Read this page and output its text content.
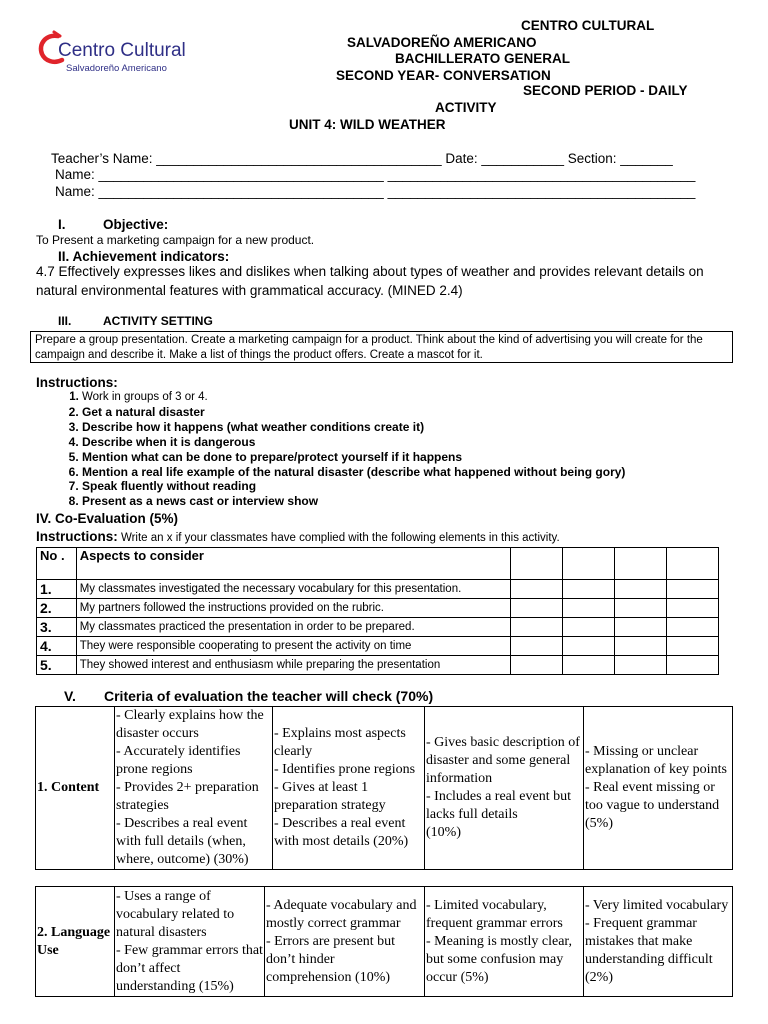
Centro Cultural
Salvadoreño Americano
CENTRO CULTURAL
SALVADOREÑO AMERICANO
BACHILLERATO GENERAL
SECOND YEAR- CONVERSATION
SECOND PERIOD - DAILY
ACTIVITY
UNIT 4: WILD WEATHER
Teacher’s Name: ______________________________________ Date: ___________ Section: _______
Name: ______________________________________ _________________________________________
Name: ______________________________________ _________________________________________
I.	Objective:
To Present a marketing campaign for a new product.
II. Achievement indicators:
4.7 Effectively expresses likes and dislikes when talking about types of weather and provides relevant details on
natural environmental features with grammatical accuracy. (MINED 2.4)
III.	ACTIVITY SETTING
Prepare a group presentation. Create a marketing campaign for a product. Think about the kind of advertising you will create for the campaign and describe it. Make a list of things the product offers. Create a mascot for it.
Instructions:
1. Work in groups of 3 or 4.
2. Get a natural disaster
3. Describe how it happens (what weather conditions create it)
4. Describe when it is dangerous
5. Mention what can be done to prepare/protect yourself if it happens
6. Mention a real life example of the natural disaster (describe what happened without being gory)
7. Speak fluently without reading
8. Present as a news cast or interview show
IV. Co-Evaluation (5%)
Instructions: Write an x if your classmates have complied with the following elements in this activity.
No .	Aspects to consider				
1.	My classmates investigated the necessary vocabulary for this presentation.				
2.	My partners followed the instructions provided on the rubric.				
3.	My classmates practiced the presentation in order to be prepared.				
4.	They were responsible cooperating to present the activity on time				
5.	They showed interest and enthusiasm while preparing the presentation				
V. Criteria of evaluation the teacher will check (70%)
1. Content	- Clearly explains how the disaster occurs
- Accurately identifies prone regions
- Provides 2+ preparation strategies
- Describes a real event with full details (when, where, outcome) (30%)	- Explains most aspects clearly
- Identifies prone regions
- Gives at least 1 preparation strategy
- Describes a real event with most details (20%)	- Gives basic description of disaster and some general information
- Includes a real event but lacks full details
(10%)	- Missing or unclear explanation of key points
- Real event missing or too vague to understand
(5%)
2. Language Use	- Uses a range of vocabulary related to natural disasters
- Few grammar errors that don’t affect understanding (15%)	- Adequate vocabulary and mostly correct grammar
- Errors are present but don’t hinder comprehension (10%)	- Limited vocabulary, frequent grammar errors
- Meaning is mostly clear, but some confusion may occur (5%)	- Very limited vocabulary
- Frequent grammar mistakes that make understanding difficult (2%)
